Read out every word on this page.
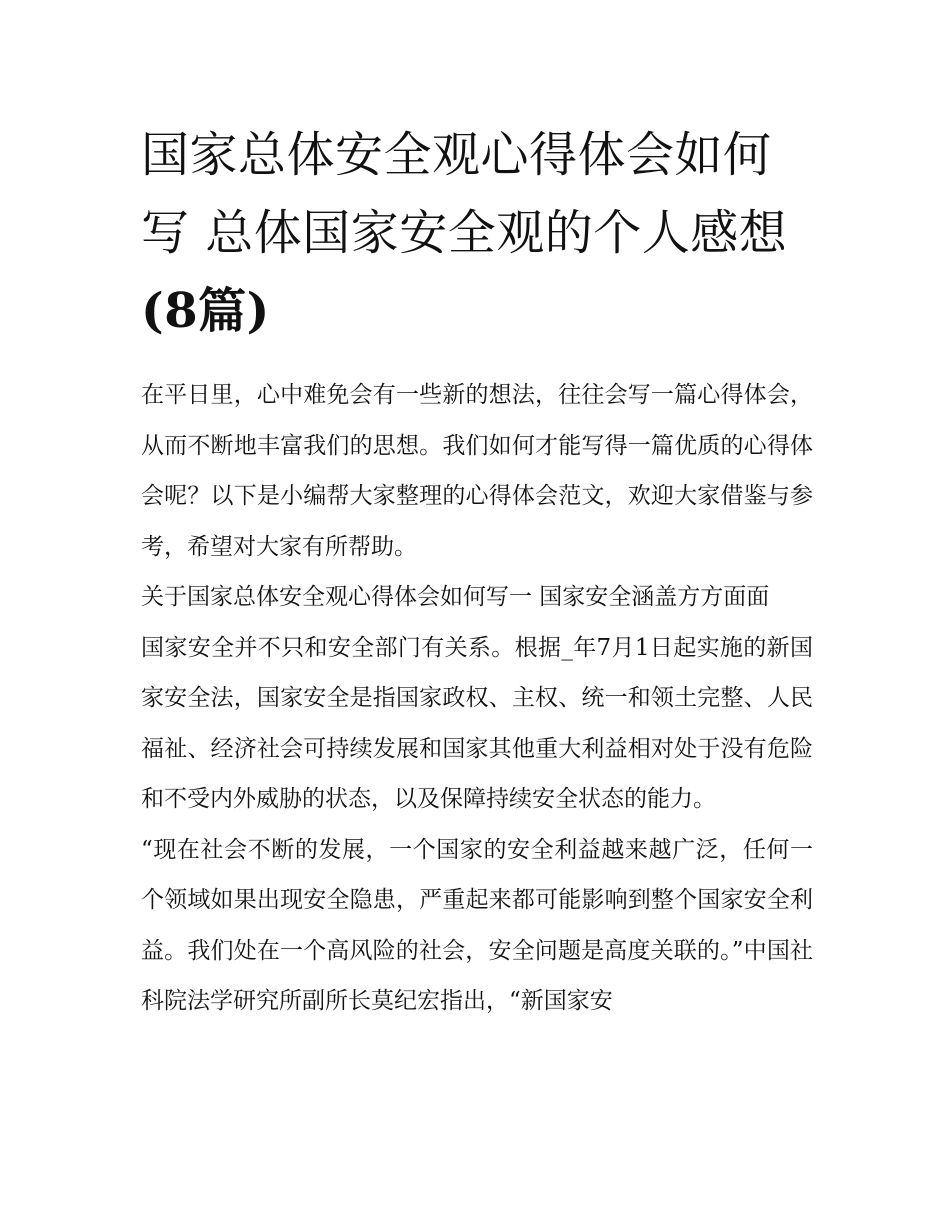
国家总体安全观心得体会如何写 总体国家安全观的个人感想
(8篇)

在平日里，心中难免会有一些新的想法，往往会写一篇心得体会，从而不断地丰富我们的思想。我们如何才能写得一篇优质的心得体会呢？以下是小编帮大家整理的心得体会范文，欢迎大家借鉴与参考，希望对大家有所帮助。

关于国家总体安全观心得体会如何写一 国家安全涵盖方方面面

国家安全并不只和安全部门有关系。根据_年7月1日起实施的新国家安全法，国家安全是指国家政权、主权、统一和领土完整、人民福祉、经济社会可持续发展和国家其他重大利益相对处于没有危险和不受内外威胁的状态，以及保障持续安全状态的能力。

“现在社会不断的发展，一个国家的安全利益越来越广泛，任何一个领域如果出现安全隐患，严重起来都可能影响到整个国家安全利益。我们处在一个高风险的社会，安全问题是高度关联的。”中国社科院法学研究所副所长莫纪宏指出，“新国家安
